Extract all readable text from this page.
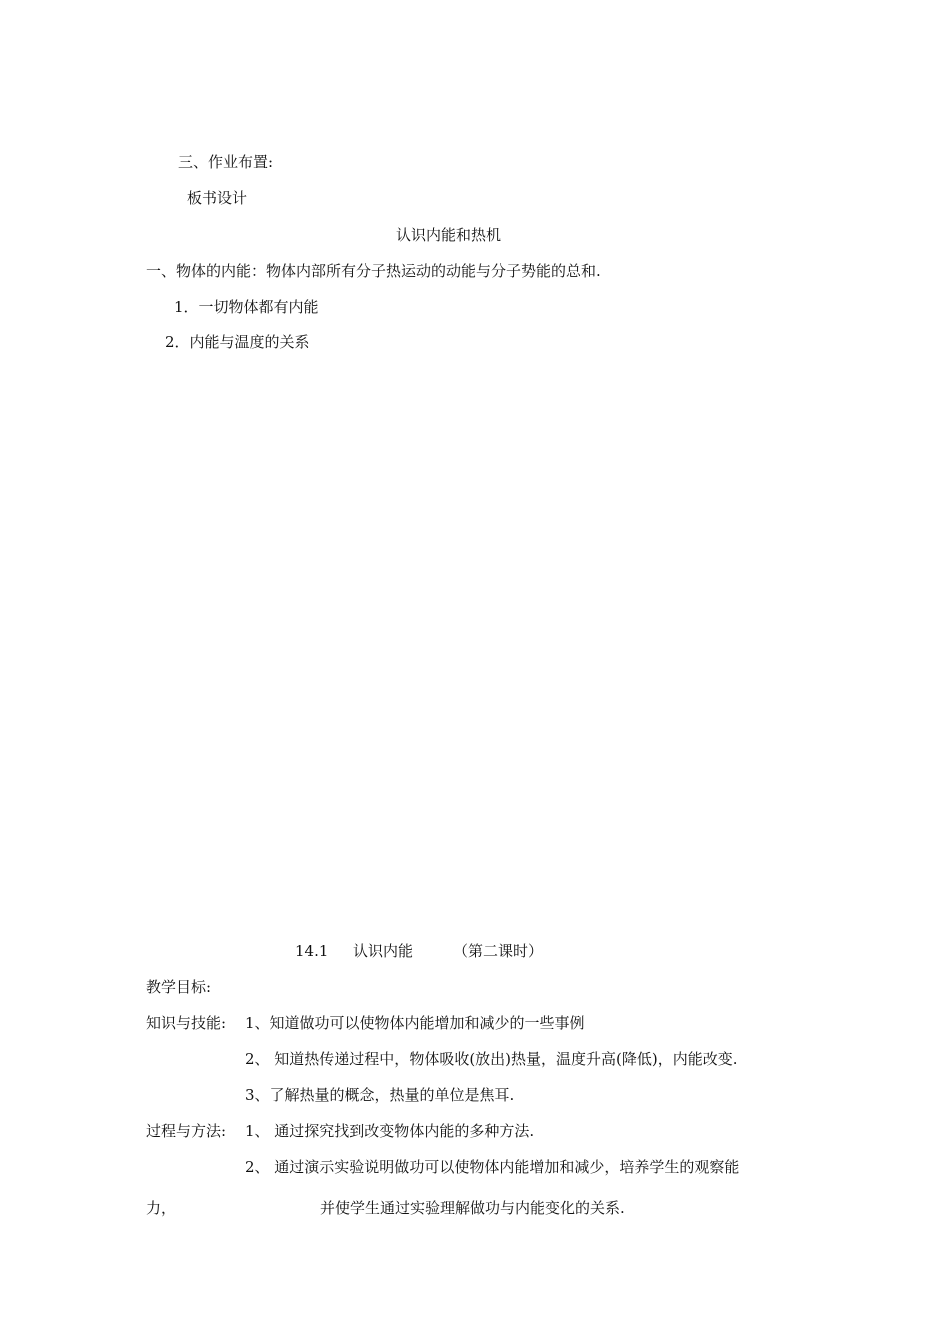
三、作业布置:
板书设计
认识内能和热机
一、物体的内能：物体内部所有分子热运动的动能与分子势能的总和.
1．一切物体都有内能
2．内能与温度的关系
14.1 认识内能	（第二课时）
教学目标:
知识与技能: 1、知道做功可以使物体内能增加和减少的一些事例
2、 知道热传递过程中，物体吸收(放出)热量，温度升高(降低)，内能改变.
3、了解热量的概念，热量的单位是焦耳.
过程与方法: 1、 通过探究找到改变物体内能的多种方法.
2、 通过演示实验说明做功可以使物体内能增加和减少，培养学生的观察能
力，	并使学生通过实验理解做功与内能变化的关系.
